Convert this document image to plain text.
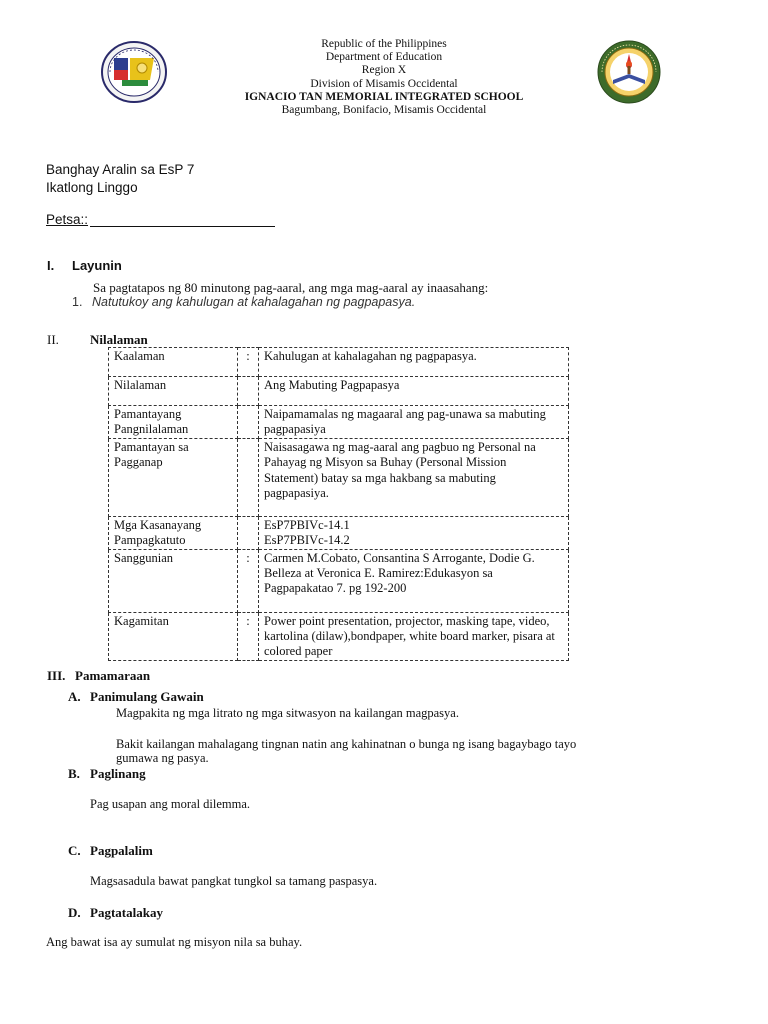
Republic of the Philippines
Department of Education
Region X
Division of Misamis Occidental
IGNACIO TAN MEMORIAL INTEGRATED SCHOOL
Bagumbang, Bonifacio, Misamis Occidental
Banghay Aralin sa EsP 7
Ikatlong Linggo
Petsa::
I. Layunin
Sa pagtatapos ng 80 minutong pag-aaral, ang mga mag-aaral ay inaasahang:
1. Natutukoy ang kahulugan at kahalagahan ng pagpapasya.
II. Nilalaman
Kaalaman	:	Kahulugan at kahalagahan ng pagpapasya.
Nilalaman		Ang Mabuting Pagpapasya
Pamantayang Pangnilalaman		Naipamamalas ng magaaral ang pag-unawa sa mabuting pagpapasiya
Pamantayan sa Pagganap		Naisasagawa ng mag-aaral ang pagbuo ng Personal na Pahayag ng Misyon sa Buhay (Personal Mission Statement) batay sa mga hakbang sa mabuting pagpapasiya.
Mga Kasanayang Pampagkatuto		EsP7PBIVc-14.1
EsP7PBIVc-14.2
Sanggunian	:	Carmen M.Cobato, Consantina S Arrogante, Dodie G. Belleza at Veronica E. Ramirez:Edukasyon sa Pagpapakatao 7. pg 192-200
Kagamitan	:	Power point presentation, projector, masking tape, video, kartolina (dilaw),bondpaper, white board marker, pisara at colored paper
III. Pamamaraan
A. Panimulang Gawain
Magpakita ng mga litrato ng mga sitwasyon na kailangan magpasya.
Bakit kailangan mahalagang tingnan natin ang kahinatnan o bunga ng isang bagaybago tayo
gumawa ng pasya.
B. Paglinang
Pag usapan ang moral dilemma.
C. Pagpalalim
Magsasadula bawat pangkat tungkol sa tamang paspasya.
D. Pagtatalakay
Ang bawat isa ay sumulat ng misyon nila sa buhay.
